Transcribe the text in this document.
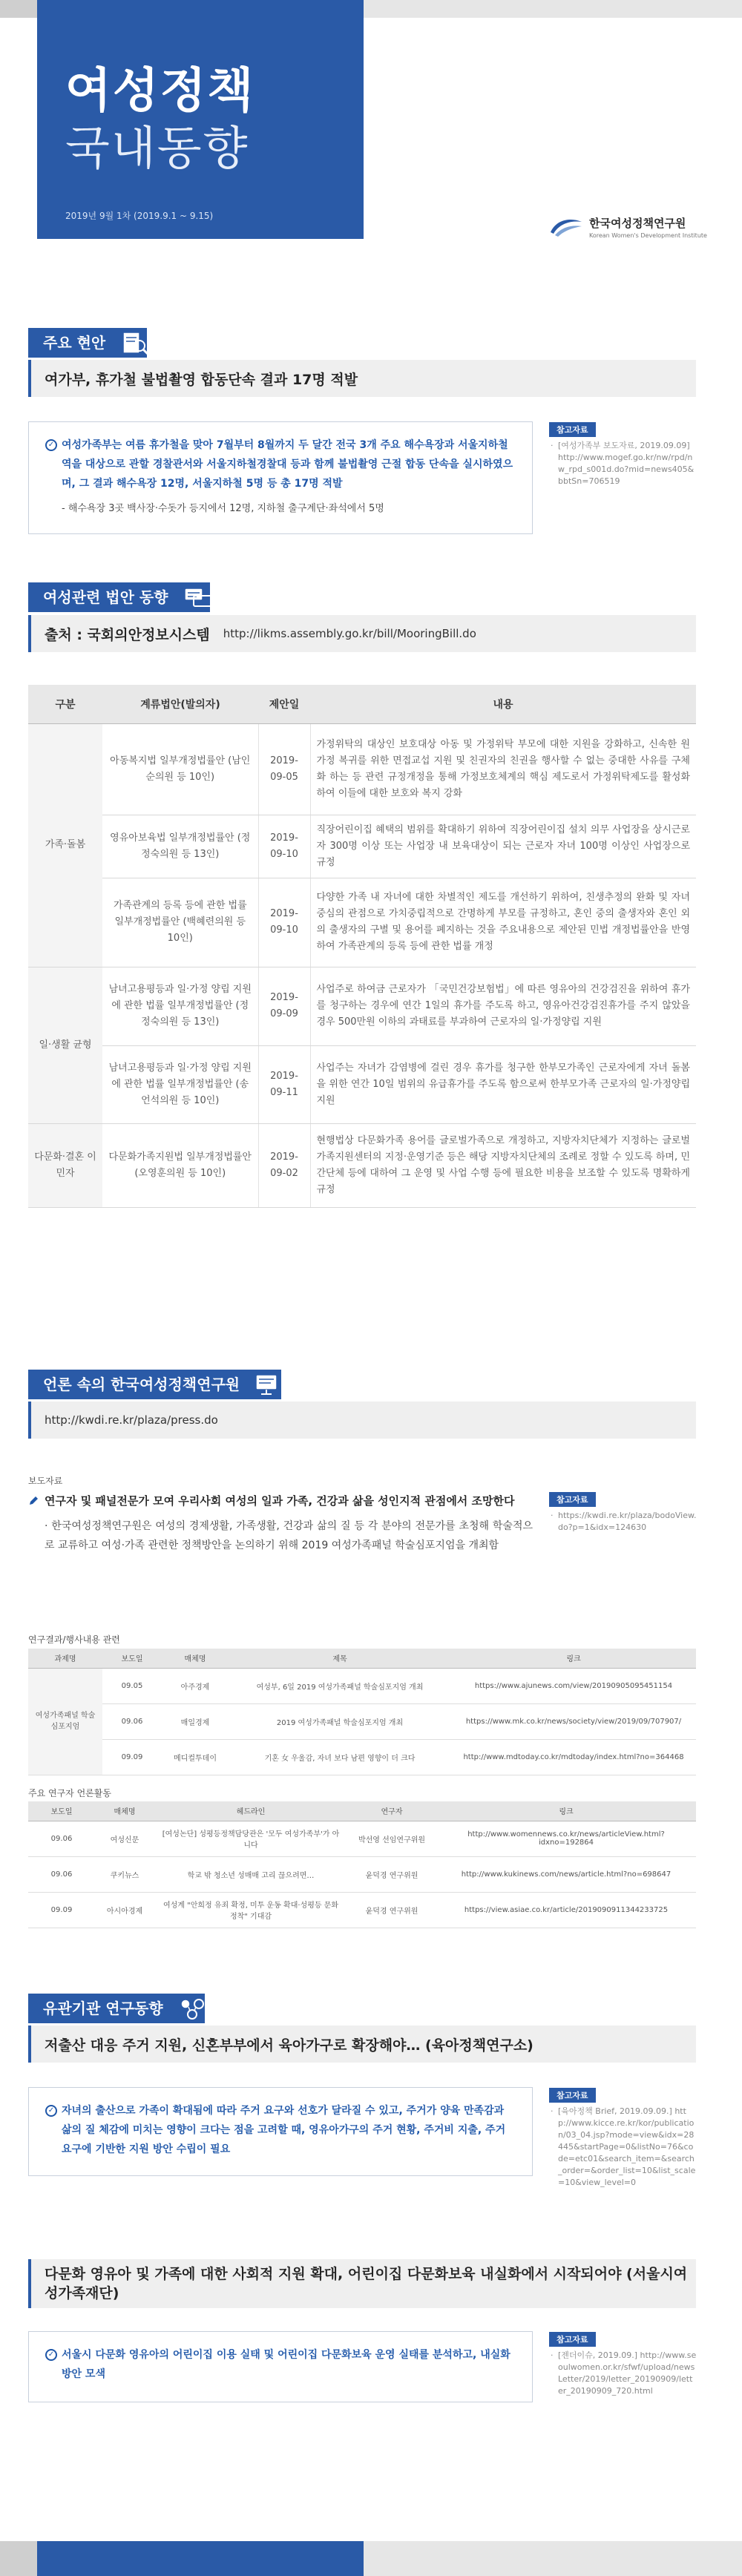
여성정책
국내동향
2019년 9월 1차 (2019.9.1 ~ 9.15)
한국여성정책연구원
Korean Women's Development Institute
주요 현안
여가부, 휴가철 불법촬영 합동단속 결과 17명 적발
✓ 여성가족부는 여름 휴가철을 맞아 7월부터 8월까지 두 달간 전국 3개 주요 해수욕장과 서울지하철역을 대상으로 관할 경찰관서와 서울지하철경찰대 등과 함께 불법촬영 근절 합동 단속을 실시하였으며, 그 결과 해수욕장 12명, 서울지하철 5명 등 총 17명 적발
- 해수욕장 3곳 백사장·수돗가 등지에서 12명, 지하철 출구계단·좌석에서 5명
참고자료
· [여성가족부 보도자료, 2019.09.09] http://www.mogef.go.kr/nw/rpd/nw_rpd_s001d.do?mid=news405&bbtSn=706519
여성관련 법안 동향
출처 : 국회의안정보시스템 http://likms.assembly.go.kr/bill/MooringBill.do
구분	계류법안(발의자)	제안일	내용
가족·돌봄	아동복지법 일부개정법률안 (남인순의원 등 10인)	2019-09-05	가정위탁의 대상인 보호대상 아동 및 가정위탁 부모에 대한 지원을 강화하고, 신속한 원 가정 복귀를 위한 면접교섭 지원 및 친권자의 친권을 행사할 수 없는 중대한 사유를 구체화 하는 등 관련 규정개정을 통해 가정보호체계의 핵심 제도로서 가정위탁제도를 활성화하여 이들에 대한 보호와 복지 강화
	영유아보육법 일부개정법률안 (정정숙의원 등 13인)	2019-09-10	직장어린이집 혜택의 범위를 확대하기 위하여 직장어린이집 설치 의무 사업장을 상시근로자 300명 이상 또는 사업장 내 보육대상이 되는 근로자 자녀 100명 이상인 사업장으로 규정
	가족관계의 등록 등에 관한 법률 일부개정법률안 (백혜련의원 등 10인)	2019-09-10	다양한 가족 내 자녀에 대한 차별적인 제도를 개선하기 위하여, 친생추정의 완화 및 자녀 중심의 관점으로 가치중립적으로 간명하게 부모를 규정하고, 혼인 중의 출생자와 혼인 외의 출생자의 구별 및 용어를 폐지하는 것을 주요내용으로 제안된 민법 개정법률안을 반영하여 가족관계의 등록 등에 관한 법률 개정
일·생활 균형	남녀고용평등과 일·가정 양립 지원에 관한 법률 일부개정법률안 (정정숙의원 등 13인)	2019-09-09	사업주로 하여금 근로자가 「국민건강보험법」에 따른 영유아의 건강검진을 위하여 휴가를 청구하는 경우에 연간 1일의 휴가를 주도록 하고, 영유아건강검진휴가를 주지 않았을 경우 500만원 이하의 과태료를 부과하여 근로자의 일·가정양립 지원
	남녀고용평등과 일·가정 양립 지원에 관한 법률 일부개정법률안 (송언석의원 등 10인)	2019-09-11	사업주는 자녀가 감염병에 걸린 경우 휴가를 청구한 한부모가족인 근로자에게 자녀 돌봄을 위한 연간 10일 범위의 유급휴가를 주도록 함으로써 한부모가족 근로자의 일·가정양립 지원
다문화·결혼 이민자	다문화가족지원법 일부개정법률안 (오영훈의원 등 10인)	2019-09-02	현행법상 다문화가족 용어를 글로벌가족으로 개정하고, 지방자치단체가 지정하는 글로벌가족지원센터의 지정·운영기준 등은 해당 지방자치단체의 조례로 정할 수 있도록 하며, 민간단체 등에 대하여 그 운영 및 사업 수행 등에 필요한 비용을 보조할 수 있도록 명확하게 규정
언론 속의 한국여성정책연구원
http://kwdi.re.kr/plaza/press.do
보도자료
연구자 및 패널전문가 모여 우리사회 여성의 일과 가족, 건강과 삶을 성인지적 관점에서 조망한다
· 한국여성정책연구원은 여성의 경제생활, 가족생활, 건강과 삶의 질 등 각 분야의 전문가를 초청해 학술적으로 교류하고 여성·가족 관련한 정책방안을 논의하기 위해 2019 여성가족패널 학술심포지엄을 개최함
참고자료
· https://kwdi.re.kr/plaza/bodoView.do?p=1&idx=124630
연구결과/행사내용 관련
과제명	보도일	매체명	제목	링크
여성가족패널 학술심포지엄	09.05	아주경제	여성부, 6일 2019 여성가족패널 학술심포지엄 개최	https://www.ajunews.com/view/20190905095451154
	09.06	매일경제	2019 여성가족패널 학술심포지엄 개최	https://www.mk.co.kr/news/society/view/2019/09/707907/
	09.09	메디컬투데이	기혼 女 우울감, 자녀 보다 남편 영향이 더 크다	http://www.mdtoday.co.kr/mdtoday/index.html?no=364468
주요 연구자 언론활동
보도일	매체명	헤드라인	연구자	링크
09.06	여성신문	[여성논단] 성평등정책담당관은 '모두 여성가족부'가 아니다	박선영 선임연구위원	http://www.womennews.co.kr/news/articleView.html?idxno=192864
09.06	쿠키뉴스	학교 밖 청소년 성매매 고리 끊으려면…	윤덕경 연구위원	http://www.kukinews.com/news/article.html?no=698647
09.09	아시아경제	여성계 "안희정 유죄 확정, 미투 운동 확대·성평등 문화 정착" 기대감	윤덕경 연구위원	https://view.asiae.co.kr/article/2019090911344233725
유관기관 연구동향
저출산 대응 주거 지원, 신혼부부에서 육아가구로 확장해야… (육아정책연구소)
✓ 자녀의 출산으로 가족이 확대됨에 따라 주거 요구와 선호가 달라질 수 있고, 주거가 양육 만족감과 삶의 질 체감에 미치는 영향이 크다는 점을 고려할 때, 영유아가구의 주거 현황, 주거비 지출, 주거 요구에 기반한 지원 방안 수립이 필요
참고자료
· [육아정책 Brief, 2019.09.09.] http://www.kicce.re.kr/kor/publication/03_04.jsp?mode=view&idx=28445&startPage=0&listNo=76&code=etc01&search_item=&search_order=&order_list=10&list_scale=10&view_level=0
다문화 영유아 및 가족에 대한 사회적 지원 확대, 어린이집 다문화보육 내실화에서 시작되어야 (서울시여성가족재단)
✓ 서울시 다문화 영유아의 어린이집 이용 실태 및 어린이집 다문화보육 운영 실태를 분석하고, 내실화 방안 모색
참고자료
· [젠더이슈, 2019.09.] http://www.seoulwomen.or.kr/sfwf/upload/newsLetter/2019/letter_20190909/letter_20190909_720.html
